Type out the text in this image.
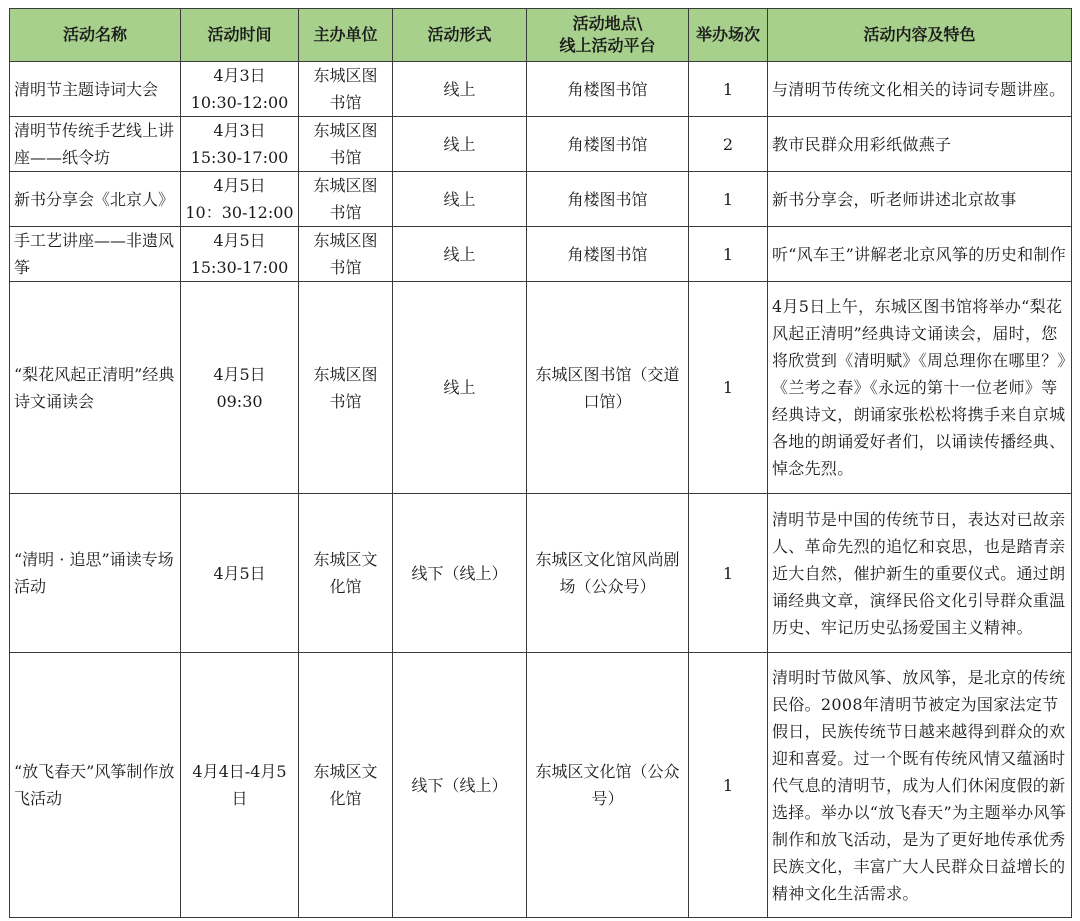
活动名称	活动时间	主办单位	活动形式	活动地点\
线上活动平台	举办场次	活动内容及特色
清明节主题诗词大会	4月3日
10:30-12:00	东城区图
书馆	线上	角楼图书馆	1	与清明节传统文化相关的诗词专题讲座。
清明节传统手艺线上讲座——纸令坊	4月3日
15:30-17:00	东城区图
书馆	线上	角楼图书馆	2	教市民群众用彩纸做燕子
新书分享会《北京人》	4月5日
10：30-12:00	东城区图
书馆	线上	角楼图书馆	1	新书分享会，听老师讲述北京故事
手工艺讲座——非遗风筝	4月5日
15:30-17:00	东城区图
书馆	线上	角楼图书馆	1	听“风车王”讲解老北京风筝的历史和制作
“梨花风起正清明”经典诗文诵读会	4月5日
09:30	东城区图
书馆	线上	东城区图书馆（交道口馆）	1	4月5日上午，东城区图书馆将举办“梨花风起正清明”经典诗文诵读会，届时，您将欣赏到《清明赋》《周总理你在哪里？》《兰考之春》《永远的第十一位老师》等经典诗文，朗诵家张松松将携手来自京城各地的朗诵爱好者们，以诵读传播经典、悼念先烈。
“清明 · 追思”诵读专场活动	4月5日	东城区文
化馆	线下（线上）	东城区文化馆风尚剧场（公众号）	1	清明节是中国的传统节日，表达对已故亲人、革命先烈的追忆和哀思，也是踏青亲近大自然，催护新生的重要仪式。通过朗诵经典文章，演绎民俗文化引导群众重温历史、牢记历史弘扬爱国主义精神。
“放飞春天”风筝制作放飞活动	4月4日-4月5日	东城区文
化馆	线下（线上）	东城区文化馆（公众号）	1	清明时节做风筝、放风筝，是北京的传统民俗。2008年清明节被定为国家法定节假日，民族传统节日越来越得到群众的欢迎和喜爱。过一个既有传统风情又蕴涵时代气息的清明节，成为人们休闲度假的新选择。举办以“放飞春天”为主题举办风筝制作和放飞活动，是为了更好地传承优秀民族文化，丰富广大人民群众日益增长的精神文化生活需求。
